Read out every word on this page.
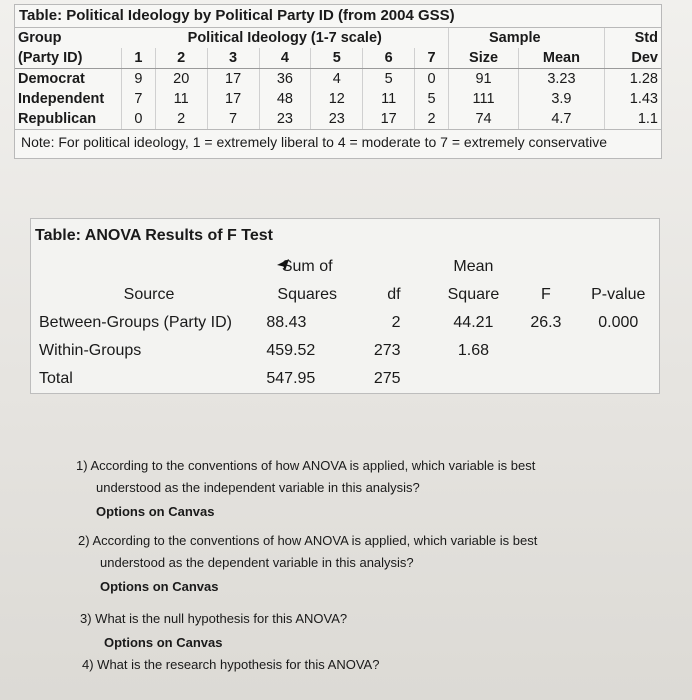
Table: Political Ideology by Political Party ID (from 2004 GSS)
Group	Political Ideology (1-7 scale)							Sample		Std
(Party ID)	1	2	3	4	5	6	7	Size	Mean	Dev
Democrat	9	20	17	36	4	5	0	91	3.23	1.28
Independent	7	11	17	48	12	11	5	111	3.9	1.43
Republican	0	2	7	23	23	17	2	74	4.7	1.1
Note: For political ideology, 1 = extremely liberal to 4 = moderate to 7 = extremely conservative
Table: ANOVA Results of F Test
	Sum of			Mean		
Source	Squares	df		Square	F	P-value
Between-Groups (Party ID)	88.43	2		44.21	26.3	0.000
Within-Groups	459.52	273		1.68		
Total	547.95	275				
1) According to the conventions of how ANOVA is applied, which variable is best
understood as the independent variable in this analysis?
Options on Canvas
2) According to the conventions of how ANOVA is applied, which variable is best
understood as the dependent variable in this analysis?
Options on Canvas
3) What is the null hypothesis for this ANOVA?
Options on Canvas
4) What is the research hypothesis for this ANOVA?
